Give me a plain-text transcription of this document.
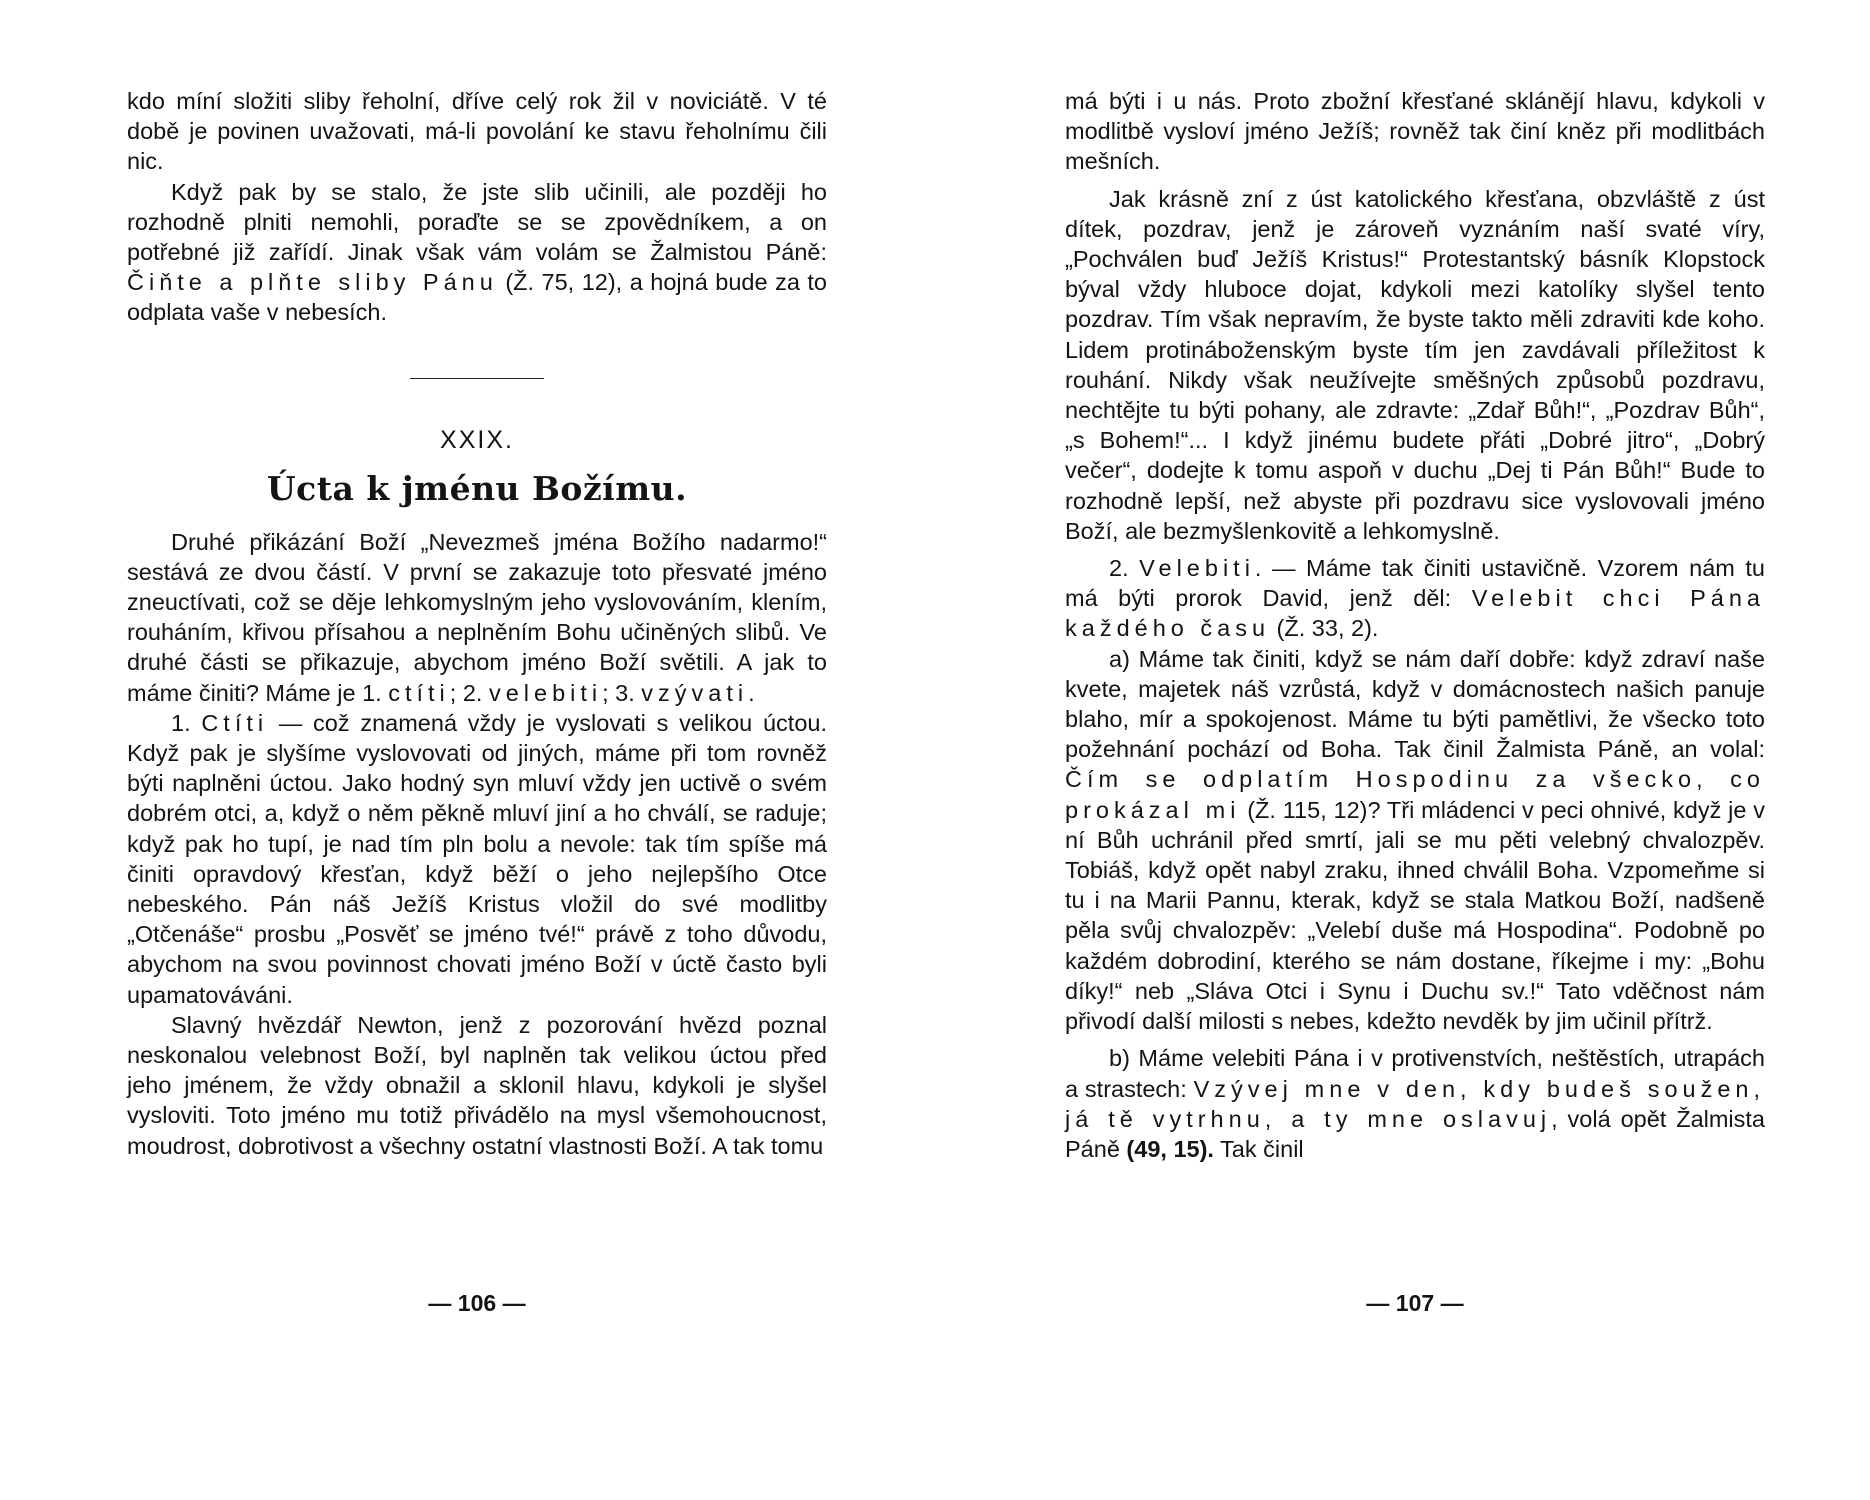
kdo míní složiti sliby řeholní, dříve celý rok žil v noviciátě. V té době je povinen uvažovati, má-li povolání ke stavu řeholnímu čili nic.

Když pak by se stalo, že jste slib učinili, ale později ho rozhodně plniti nemohli, poraďte se se zpovědníkem, a on potřebné již zařídí. Jinak však vám volám se Žalmistou Páně: Čiňte a plňte sliby Pánu (Ž. 75, 12), a hojná bude za to odplata vaše v nebesích.

XXIX.
Úcta k jménu Božímu.

Druhé přikázání Boží „Nevezmeš jména Božího nadarmo!“ sestává ze dvou částí. V první se zakazuje toto přesvaté jméno zneuctívati, což se děje lehkomyslným jeho vyslovováním, klením, rouháním, křivou přísahou a neplněním Bohu učiněných slibů. Ve druhé části se přikazuje, abychom jméno Boží světili. A jak to máme činiti? Máme je 1. ctíti; 2. velebiti; 3. vzývati.

1. Ctíti — což znamená vždy je vyslovati s velikou úctou. Když pak je slyšíme vyslovovati od jiných, máme při tom rovněž býti naplněni úctou. Jako hodný syn mluví vždy jen uctivě o svém dobrém otci, a, když o něm pěkně mluví jiní a ho chválí, se raduje; když pak ho tupí, je nad tím pln bolu a nevole: tak tím spíše má činiti opravdový křesťan, když běží o jeho nejlepšího Otce nebeského. Pán náš Ježíš Kristus vložil do své modlitby „Otčenáše“ prosbu „Posvěť se jméno tvé!“ právě z toho důvodu, abychom na svou povinnost chovati jméno Boží v úctě často byli upamatováváni.

Slavný hvězdář Newton, jenž z pozorování hvězd poznal neskonalou velebnost Boží, byl naplněn tak velikou úctou před jeho jménem, že vždy obnažil a sklonil hlavu, kdykoli je slyšel vysloviti. Toto jméno mu totiž přivádělo na mysl všemohoucnost, moudrost, dobrotivost a všechny ostatní vlastnosti Boží. A tak tomu

— 106 —

má býti i u nás. Proto zbožní křesťané sklánějí hlavu, kdykoli v modlitbě vysloví jméno Ježíš; rovněž tak činí kněz při modlitbách mešních.

Jak krásně zní z úst katolického křesťana, obzvláště z úst dítek, pozdrav, jenž je zároveň vyznáním naší svaté víry, „Pochválen buď Ježíš Kristus!“ Protestantský básník Klopstock býval vždy hluboce dojat, kdykoli mezi katolíky slyšel tento pozdrav. Tím však nepravím, že byste takto měli zdraviti kde koho. Lidem protináboženským byste tím jen zavdávali příležitost k rouhání. Nikdy však neužívejte směšných způsobů pozdravu, nechtějte tu býti pohany, ale zdravte: „Zdař Bůh!“, „Pozdrav Bůh“, „s Bohem!“... I když jinému budete přáti „Dobré jitro“, „Dobrý večer“, dodejte k tomu aspoň v duchu „Dej ti Pán Bůh!“ Bude to rozhodně lepší, než abyste při pozdravu sice vyslovovali jméno Boží, ale bezmyšlenkovitě a lehkomyslně.

2. Velebiti. — Máme tak činiti ustavičně. Vzorem nám tu má býti prorok David, jenž děl: Velebit chci Pána každého času (Ž. 33, 2).

a) Máme tak činiti, když se nám daří dobře: když zdraví naše kvete, majetek náš vzrůstá, když v domácnostech našich panuje blaho, mír a spokojenost. Máme tu býti pamětlivi, že všecko toto požehnání pochází od Boha. Tak činil Žalmista Páně, an volal: Čím se odplatím Hospodinu za všecko, co prokázal mi (Ž. 115, 12)? Tři mládenci v peci ohnivé, když je v ní Bůh uchránil před smrtí, jali se mu pěti velebný chvalozpěv. Tobiáš, když opět nabyl zraku, ihned chválil Boha. Vzpomeňme si tu i na Marii Pannu, kterak, když se stala Matkou Boží, nadšeně pěla svůj chvalozpěv: „Velebí duše má Hospodina“. Podobně po každém dobrodiní, kterého se nám dostane, říkejme i my: „Bohu díky!“ neb „Sláva Otci i Synu i Duchu sv.!“ Tato vděčnost nám přivodí další milosti s nebes, kdežto nevděk by jim učinil přítrž.

b) Máme velebiti Pána i v protivenstvích, neštěstích, utrapách a strastech: Vzývej mne v den, kdy budeš soužen, já tě vytrhnu, a ty mne oslavuj, volá opět Žalmista Páně (49, 15). Tak činil

— 107 —
